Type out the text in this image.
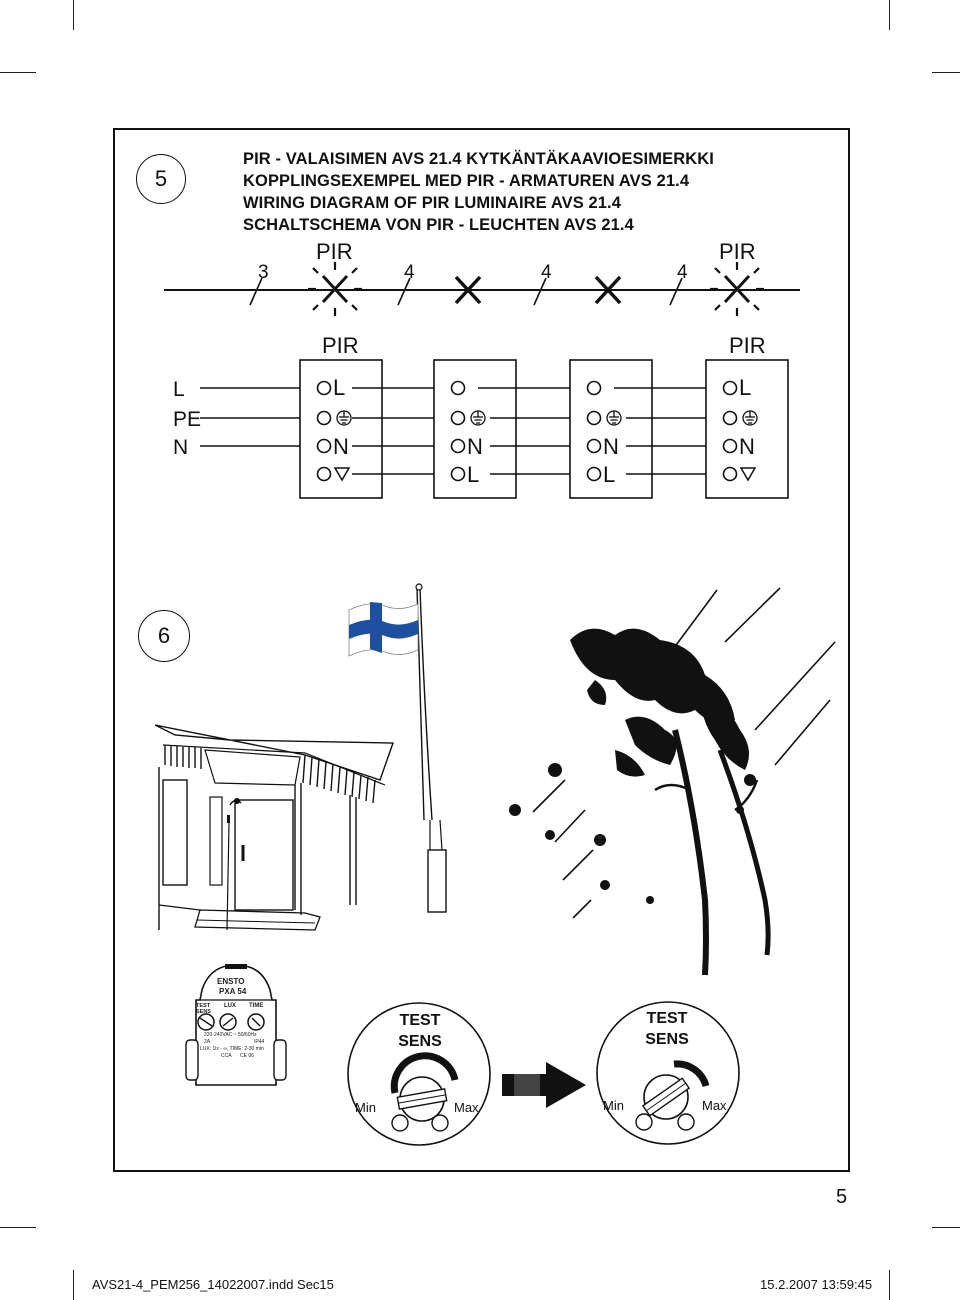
5
PIR - VALAISIMEN AVS 21.4 KYTKÄNTÄKAAVIOESIMERKKI
KOPPLINGSEXEMPEL MED PIR - ARMATUREN AVS 21.4
WIRING DIAGRAM OF PIR LUMINAIRE AVS 21.4
SCHALTSCHEMA VON PIR - LEUCHTEN AVS 21.4
3	4	4	4
PIR	PIR
PIR	PIR
L
PE
N
L
N	N
L
N
L
L
N
6
ENSTO
PXA 54
TEST SENS
LUX TIME
220-240VAC ~ 50/60Hz
2A	IP44
LUX: 1lx - ∞, TIME: 2-30 min
CCA CE 06
TEST
SENS
Min	Max
TEST
SENS
Min	Max
5
AVS21-4_PEM256_14022007.indd Sec15	15.2.2007 13:59:45
